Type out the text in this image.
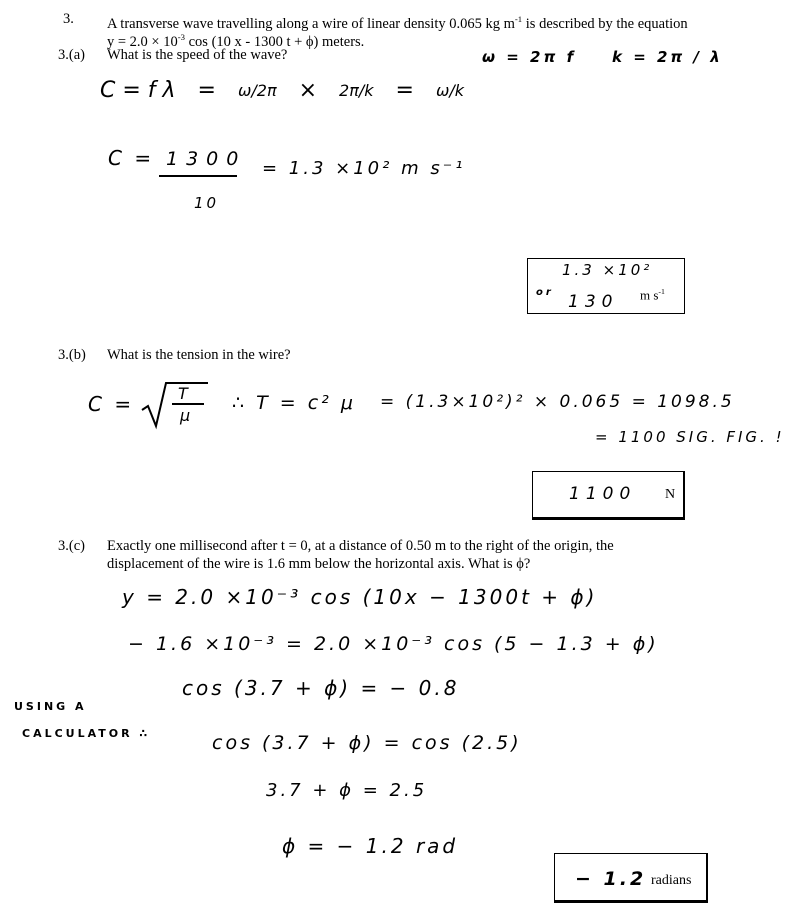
3. A transverse wave travelling along a wire of linear density 0.065 kg $m^{-1}$ is described by the equation
$y = 2.0 \times 10^{-3}$ cos (10 x - 1300 t + ϕ) meters.
3.(a) What is the speed of the wave?	ω = 2π f k = 2π / λ
C = f λ = ω/2π × 2π/k = ω/k
C = 1300
10
= 1.3 ×10² m s⁻¹
1.3 ×10²
or 130 m $s^{-1}$
3.(b) What is the tension in the wire?
C =	T
μ
∴ T = c² μ = (1.3×10²)² × 0.065 = 1098.5
= 1100 SIG. FIG. !
1100 N
3.(c) Exactly one millisecond after t = 0, at a distance of 0.50 m to the right of the origin, the
displacement of the wire is 1.6 mm below the horizontal axis. What is ϕ?
y = 2.0 ×10⁻³ cos (10x − 1300t + ϕ)
− 1.6 ×10⁻³ = 2.0 ×10⁻³ cos (5 − 1.3 + ϕ)
cos (3.7 + ϕ) = − 0.8
cos (3.7 + ϕ) = cos (2.5)
3.7 + ϕ = 2.5
ϕ = − 1.2 rad
USING A
CALCULATOR ∴
− 1.2 radians
